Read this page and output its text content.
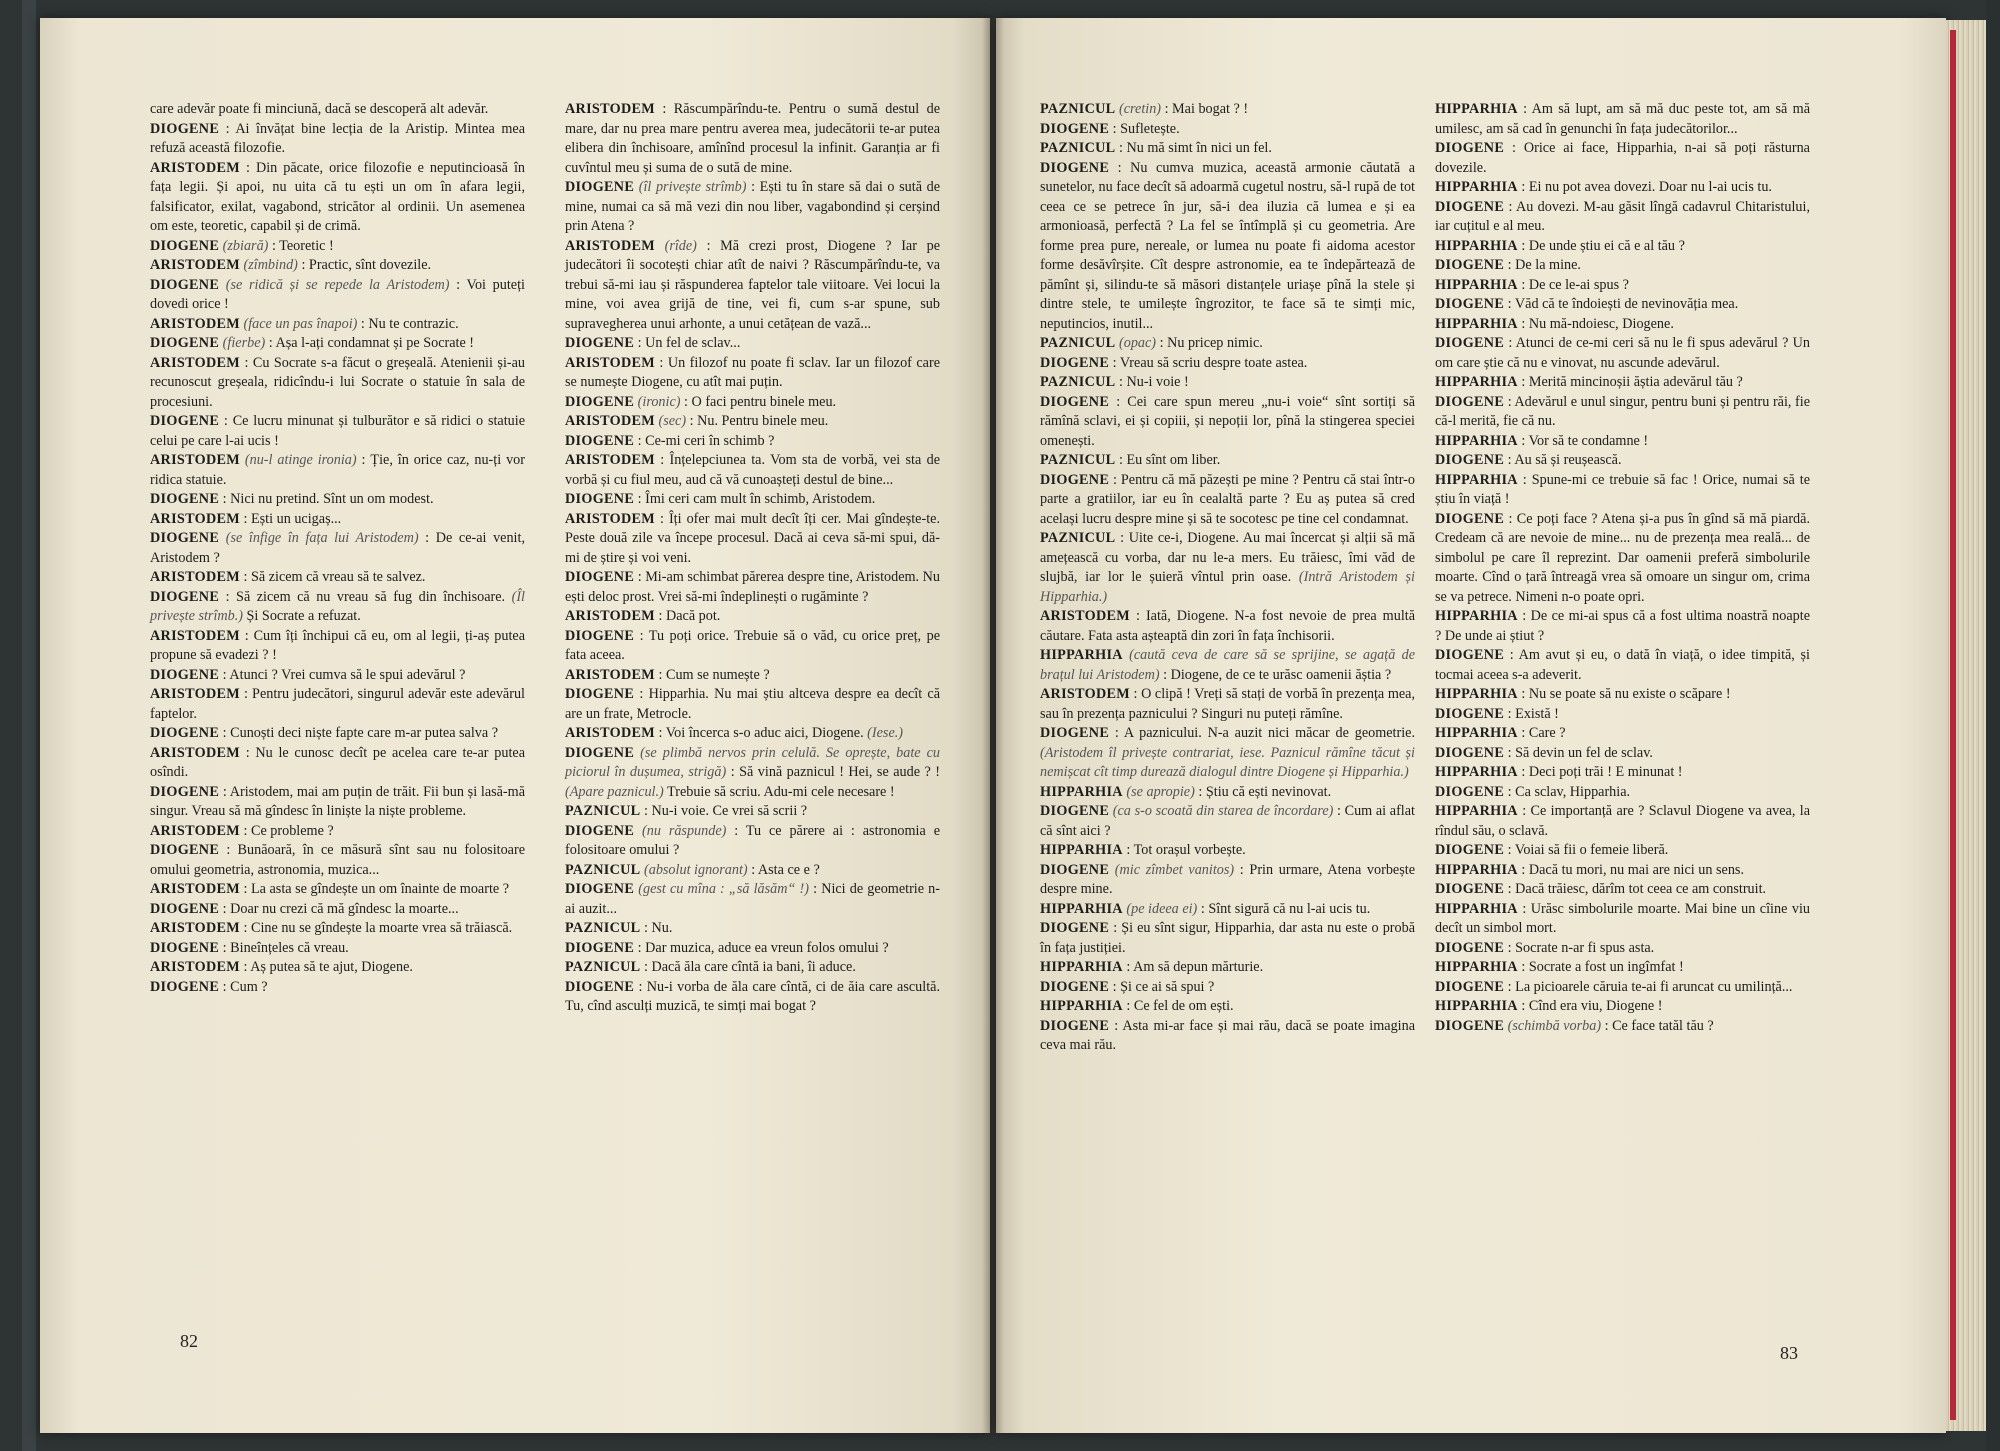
care adevăr poate fi minciună, dacă se descoperă alt adevăr.

DIOGENE : Ai învățat bine lecția de la Aristip. Mintea mea refuză această filozofie.

ARISTODEM : Din păcate, orice filozofie e neputincioasă în fața legii. Și apoi, nu uita că tu ești un om în afara legii, falsificator, exilat, vagabond, stricător al ordinii. Un asemenea om este, teoretic, capabil și de crimă.

DIOGENE (zbiară) : Teoretic !

ARISTODEM (zîmbind) : Practic, sînt dovezile.

DIOGENE (se ridică și se repede la Aristodem) : Voi puteți dovedi orice !

ARISTODEM (face un pas înapoi) : Nu te contrazic.

DIOGENE (fierbe) : Așa l-ați condamnat și pe Socrate !

ARISTODEM : Cu Socrate s-a făcut o greșeală. Atenienii și-au recunoscut greșeala, ridicîndu-i lui Socrate o statuie în sala de procesiuni.

DIOGENE : Ce lucru minunat și tulburător e să ridici o statuie celui pe care l-ai ucis !

ARISTODEM (nu-l atinge ironia) : Ție, în orice caz, nu-ți vor ridica statuie.

DIOGENE : Nici nu pretind. Sînt un om modest.

ARISTODEM : Ești un ucigaș...

DIOGENE (se înfige în fața lui Aristodem) : De ce-ai venit, Aristodem ?

ARISTODEM : Să zicem că vreau să te salvez.

DIOGENE : Să zicem că nu vreau să fug din închisoare. (Îl privește strîmb.) Și Socrate a refuzat.

ARISTODEM : Cum îți închipui că eu, om al legii, ți-aș putea propune să evadezi ? !

DIOGENE : Atunci ? Vrei cumva să le spui adevărul ?

ARISTODEM : Pentru judecători, singurul adevăr este adevărul faptelor.

DIOGENE : Cunoști deci niște fapte care m-ar putea salva ?

ARISTODEM : Nu le cunosc decît pe acelea care te-ar putea osîndi.

DIOGENE : Aristodem, mai am puțin de trăit. Fii bun și lasă-mă singur. Vreau să mă gîndesc în liniște la niște probleme.

ARISTODEM : Ce probleme ?

DIOGENE : Bunăoară, în ce măsură sînt sau nu folositoare omului geometria, astronomia, muzica...

ARISTODEM : La asta se gîndește un om înainte de moarte ?

DIOGENE : Doar nu crezi că mă gîndesc la moarte...

ARISTODEM : Cine nu se gîndește la moarte vrea să trăiască.

DIOGENE : Bineînțeles că vreau.

ARISTODEM : Aș putea să te ajut, Diogene.

DIOGENE : Cum ?

ARISTODEM : Răscumpărîndu-te. Pentru o sumă destul de mare, dar nu prea mare pentru averea mea, judecătorii te-ar putea elibera din închisoare, amînînd procesul la infinit. Garanția ar fi cuvîntul meu și suma de o sută de mine.

DIOGENE (îl privește strîmb) : Ești tu în stare să dai o sută de mine, numai ca să mă vezi din nou liber, vagabondind și cerșind prin Atena ?

ARISTODEM (rîde) : Mă crezi prost, Diogene ? Iar pe judecători îi socotești chiar atît de naivi ? Răscumpărîndu-te, va trebui să-mi iau și răspunderea faptelor tale viitoare. Vei locui la mine, voi avea grijă de tine, vei fi, cum s-ar spune, sub supravegherea unui arhonte, a unui cetățean de vază...

DIOGENE : Un fel de sclav...

ARISTODEM : Un filozof nu poate fi sclav. Iar un filozof care se numește Diogene, cu atît mai puțin.

DIOGENE (ironic) : O faci pentru binele meu.

ARISTODEM (sec) : Nu. Pentru binele meu.

DIOGENE : Ce-mi ceri în schimb ?

ARISTODEM : Înțelepciunea ta. Vom sta de vorbă, vei sta de vorbă și cu fiul meu, aud că vă cunoașteți destul de bine...

DIOGENE : Îmi ceri cam mult în schimb, Aristodem.

ARISTODEM : Îți ofer mai mult decît îți cer. Mai gîndește-te. Peste două zile va începe procesul. Dacă ai ceva să-mi spui, dă-mi de știre și voi veni.

DIOGENE : Mi-am schimbat părerea despre tine, Aristodem. Nu ești deloc prost. Vrei să-mi îndeplinești o rugăminte ?

ARISTODEM : Dacă pot.

DIOGENE : Tu poți orice. Trebuie să o văd, cu orice preț, pe fata aceea.

ARISTODEM : Cum se numește ?

DIOGENE : Hipparhia. Nu mai știu altceva despre ea decît că are un frate, Metrocle.

ARISTODEM : Voi încerca s-o aduc aici, Diogene. (Iese.)

DIOGENE (se plimbă nervos prin celulă. Se oprește, bate cu piciorul în dușumea, strigă) : Să vină paznicul ! Hei, se aude ? ! (Apare paznicul.) Trebuie să scriu. Adu-mi cele necesare !

PAZNICUL : Nu-i voie. Ce vrei să scrii ?

DIOGENE (nu răspunde) : Tu ce părere ai : astronomia e folositoare omului ?

PAZNICUL (absolut ignorant) : Asta ce e ?

DIOGENE (gest cu mîna : „să lăsăm“ !) : Nici de geometrie n-ai auzit...

PAZNICUL : Nu.

DIOGENE : Dar muzica, aduce ea vreun folos omului ?

PAZNICUL : Dacă ăla care cîntă ia bani, îi aduce.

DIOGENE : Nu-i vorba de ăla care cîntă, ci de ăia care ascultă. Tu, cînd asculți muzică, te simți mai bogat ?

PAZNICUL (cretin) : Mai bogat ? !

DIOGENE : Sufletește.

PAZNICUL : Nu mă simt în nici un fel.

DIOGENE : Nu cumva muzica, această armonie căutată a sunetelor, nu face decît să adoarmă cugetul nostru, să-l rupă de tot ceea ce se petrece în jur, să-i dea iluzia că lumea e și ea armonioasă, perfectă ? La fel se întîmplă și cu geometria. Are forme prea pure, nereale, or lumea nu poate fi aidoma acestor forme desăvîrșite. Cît despre astronomie, ea te îndepărtează de pămînt și, silindu-te să măsori distanțele uriașe pînă la stele și dintre stele, te umilește îngrozitor, te face să te simți mic, neputincios, inutil...

PAZNICUL (opac) : Nu pricep nimic.

DIOGENE : Vreau să scriu despre toate astea.

PAZNICUL : Nu-i voie !

DIOGENE : Cei care spun mereu „nu-i voie“ sînt sortiți să rămînă sclavi, ei și copiii, și nepoții lor, pînă la stingerea speciei omenești.

PAZNICUL : Eu sînt om liber.

DIOGENE : Pentru că mă păzești pe mine ? Pentru că stai într-o parte a gratiilor, iar eu în cealaltă parte ? Eu aș putea să cred același lucru despre mine și să te socotesc pe tine cel condamnat.

PAZNICUL : Uite ce-i, Diogene. Au mai încercat și alții să mă amețească cu vorba, dar nu le-a mers. Eu trăiesc, îmi văd de slujbă, iar lor le șuieră vîntul prin oase. (Intră Aristodem și Hipparhia.)

ARISTODEM : Iată, Diogene. N-a fost nevoie de prea multă căutare. Fata asta așteaptă din zori în fața închisorii.

HIPPARHIA (caută ceva de care să se sprijine, se agață de brațul lui Aristodem) : Diogene, de ce te urăsc oamenii ăștia ?

ARISTODEM : O clipă ! Vreți să stați de vorbă în prezența mea, sau în prezența paznicului ? Singuri nu puteți rămîne.

DIOGENE : A paznicului. N-a auzit nici măcar de geometrie. (Aristodem îl privește contrariat, iese. Paznicul rămîne tăcut și nemișcat cît timp durează dialogul dintre Diogene și Hipparhia.)

HIPPARHIA (se apropie) : Știu că ești nevinovat.

DIOGENE (ca s-o scoată din starea de încordare) : Cum ai aflat că sînt aici ?

HIPPARHIA : Tot orașul vorbește.

DIOGENE (mic zîmbet vanitos) : Prin urmare, Atena vorbește despre mine.

HIPPARHIA (pe ideea ei) : Sînt sigură că nu l-ai ucis tu.

DIOGENE : Și eu sînt sigur, Hipparhia, dar asta nu este o probă în fața justiției.

HIPPARHIA : Am să depun mărturie.

DIOGENE : Și ce ai să spui ?

HIPPARHIA : Ce fel de om ești.

DIOGENE : Asta mi-ar face și mai rău, dacă se poate imagina ceva mai rău.

HIPPARHIA : Am să lupt, am să mă duc peste tot, am să mă umilesc, am să cad în genunchi în fața judecătorilor...

DIOGENE : Orice ai face, Hipparhia, n-ai să poți răsturna dovezile.

HIPPARHIA : Ei nu pot avea dovezi. Doar nu l-ai ucis tu.

DIOGENE : Au dovezi. M-au găsit lîngă cadavrul Chitaristului, iar cuțitul e al meu.

HIPPARHIA : De unde știu ei că e al tău ?

DIOGENE : De la mine.

HIPPARHIA : De ce le-ai spus ?

DIOGENE : Văd că te îndoiești de nevinovăția mea.

HIPPARHIA : Nu mă-ndoiesc, Diogene.

DIOGENE : Atunci de ce-mi ceri să nu le fi spus adevărul ? Un om care știe că nu e vinovat, nu ascunde adevărul.

HIPPARHIA : Merită mincinoșii ăștia adevărul tău ?

DIOGENE : Adevărul e unul singur, pentru buni și pentru răi, fie că-l merită, fie că nu.

HIPPARHIA : Vor să te condamne !

DIOGENE : Au să și reușească.

HIPPARHIA : Spune-mi ce trebuie să fac ! Orice, numai să te știu în viață !

DIOGENE : Ce poți face ? Atena și-a pus în gînd să mă piardă. Credeam că are nevoie de mine... nu de prezența mea reală... de simbolul pe care îl reprezint. Dar oamenii preferă simbolurile moarte. Cînd o țară întreagă vrea să omoare un singur om, crima se va petrece. Nimeni n-o poate opri.

HIPPARHIA : De ce mi-ai spus că a fost ultima noastră noapte ? De unde ai știut ?

DIOGENE : Am avut și eu, o dată în viață, o idee timpită, și tocmai aceea s-a adeverit.

HIPPARHIA : Nu se poate să nu existe o scăpare !

DIOGENE : Există !

HIPPARHIA : Care ?

DIOGENE : Să devin un fel de sclav.

HIPPARHIA : Deci poți trăi ! E minunat !

DIOGENE : Ca sclav, Hipparhia.

HIPPARHIA : Ce importanță are ? Sclavul Diogene va avea, la rîndul său, o sclavă.

DIOGENE : Voiai să fii o femeie liberă.

HIPPARHIA : Dacă tu mori, nu mai are nici un sens.

DIOGENE : Dacă trăiesc, dărîm tot ceea ce am construit.

HIPPARHIA : Urăsc simbolurile moarte. Mai bine un cîine viu decît un simbol mort.

DIOGENE : Socrate n-ar fi spus asta.

HIPPARHIA : Socrate a fost un ingîmfat !

DIOGENE : La picioarele căruia te-ai fi aruncat cu umilință...

HIPPARHIA : Cînd era viu, Diogene !

DIOGENE (schimbă vorba) : Ce face tatăl tău ?

82
83
